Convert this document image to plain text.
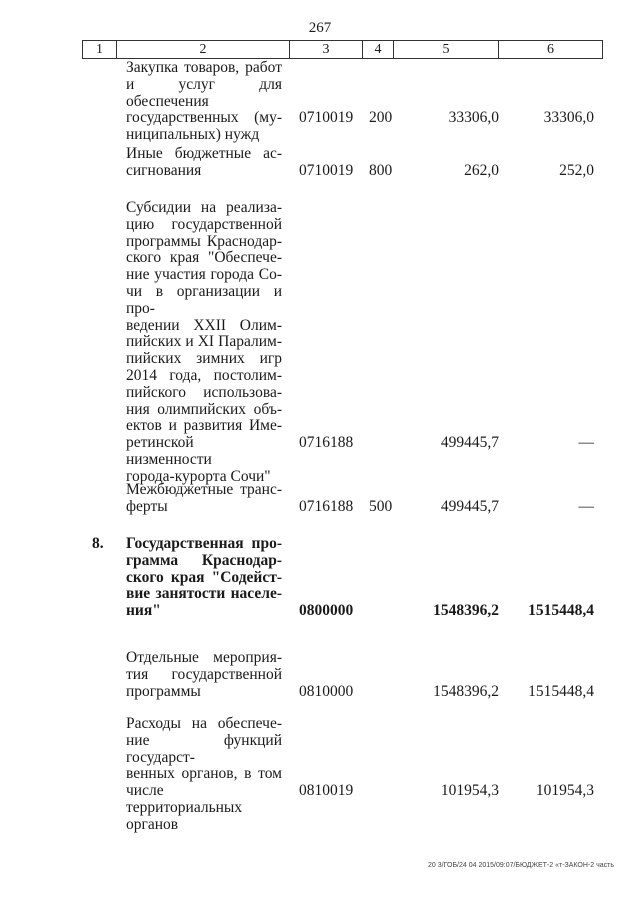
267
1	2	3	4	5	6
Закупка товаров, работ
и услуг для обеспечения
государственных (му-
ниципальных) нужд
0710019	200	33306,0	33306,0
Иные бюджетные ас-
сигнования	0710019	800	262,0	252,0
Субсидии на реализа-
цию государственной
программы Краснодар-
ского края "Обеспече-
ние участия города Со-
чи в организации и про-
ведении XXII Олим-
пийских и XI Паралим-
пийских зимних игр
2014 года, постолим-
пийского использова-
ния олимпийских объ-
ектов и развития Име-
ретинской низменности
города-курорта Сочи"
0716188	499445,7	—
Межбюджетные транс-
ферты	0716188	500	499445,7	—
8.	Государственная про-
грамма Краснодар-
ского края "Содейст-
вие занятости населе-
ния"	0800000	1548396,2 1515448,4
Отдельные мероприя-
тия государственной
программы	0810000	1548396,2 1515448,4
Расходы на обеспече-
ние функций государст-
венных органов, в том
числе территориальных
органов
0810019	101954,3 101954,3
20 3/ГОБ/24 04 2015/09:07/БЮДЖЕТ-2 «т-ЗАКОН-2 часть
